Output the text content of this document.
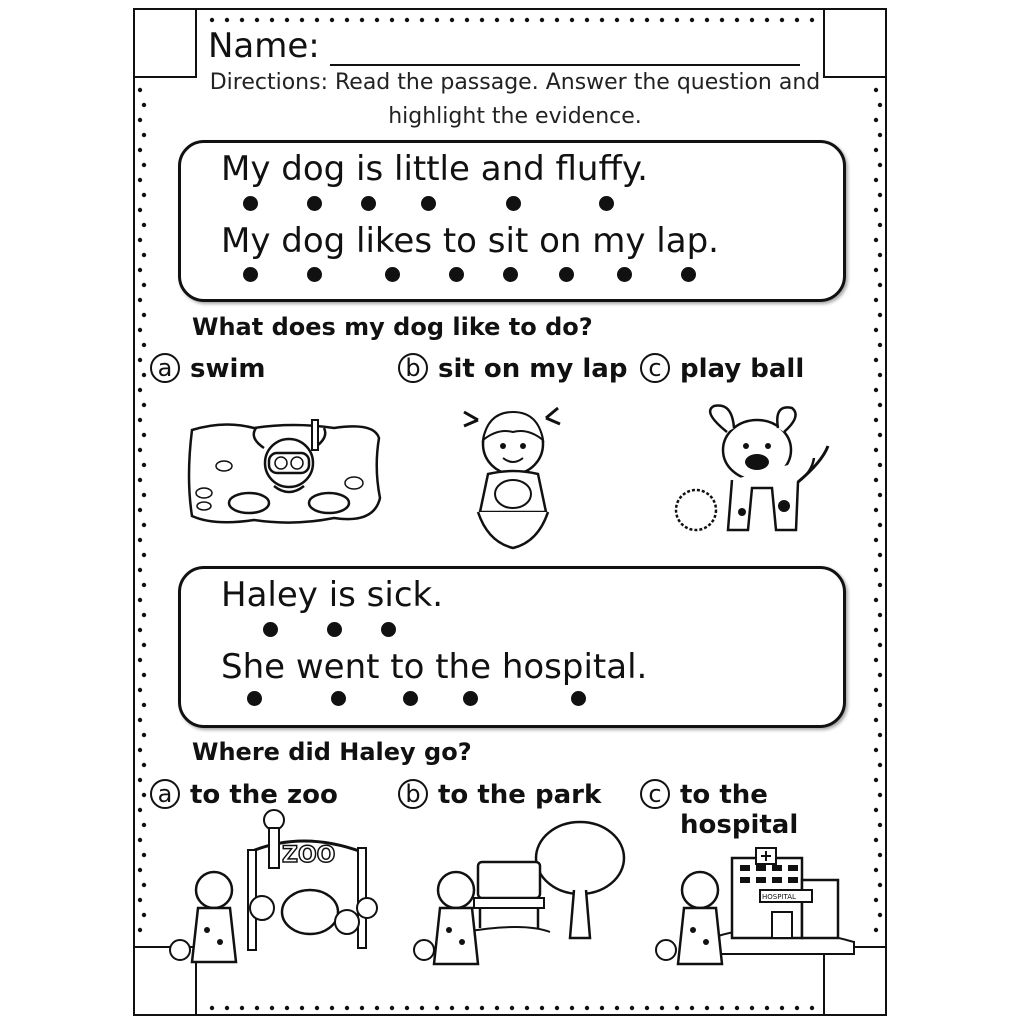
Name:
Directions: Read the passage. Answer the question and highlight the evidence.
My dog is little and fluffy.
My dog likes to sit on my lap.
What does my dog like to do?
a swim	b sit on my lap c play ball
Haley is sick.
She went to the hospital.
Where did Haley go?
a to the zoo	b to the park	c to the hospital
ZOO
HOSPITAL
